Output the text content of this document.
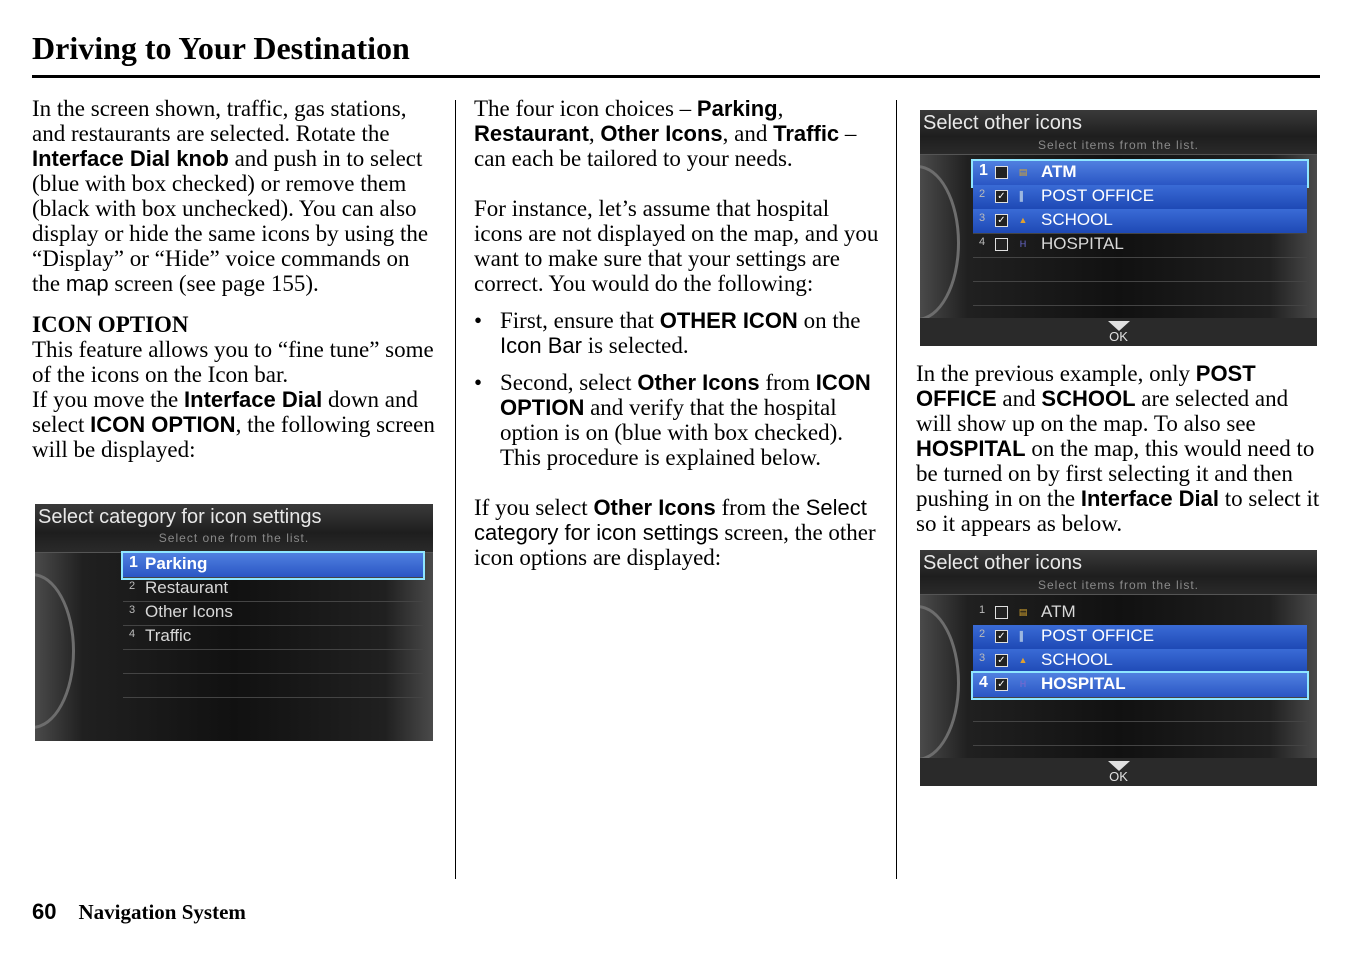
Driving to Your Destination

In the screen shown, traffic, gas stations, and restaurants are selected. Rotate the Interface Dial knob and push in to select (blue with box checked) or remove them (black with box unchecked). You can also display or hide the same icons by using the “Display” or “Hide” voice commands on the map screen (see page 155).

ICON OPTION

This feature allows you to “fine tune” some of the icons on the Icon bar.

If you move the Interface Dial down and select ICON OPTION, the following screen will be displayed:

Select category for icon settings
Select one from the list.
1 Parking
2 Restaurant
3 Other Icons
4 Traffic

The four icon choices – Parking, Restaurant, Other Icons, and Traffic – can each be tailored to your needs.

For instance, let’s assume that hospital icons are not displayed on the map, and you want to make sure that your settings are correct. You would do the following:

• First, ensure that OTHER ICON on the Icon Bar is selected.
• Second, select Other Icons from ICON OPTION and verify that the hospital option is on (blue with box checked). This procedure is explained below.

If you select Other Icons from the Select category for icon settings screen, the other icon options are displayed:

Select other icons
Select items from the list.
1	▤ ATM
2 ✓	▌ POST OFFICE
3 ✓ ▲ SCHOOL
4	H HOSPITAL
OK

In the previous example, only POST OFFICE and SCHOOL are selected and will show up on the map. To also see HOSPITAL on the map, this would need to be turned on by first selecting it and then pushing in on the Interface Dial to select it so it appears as below.

Select other icons
Select items from the list.
1	▤ ATM
2 ✓	▌ POST OFFICE
3 ✓ ▲ SCHOOL
4 ✓	H HOSPITAL
OK
60 Navigation System
